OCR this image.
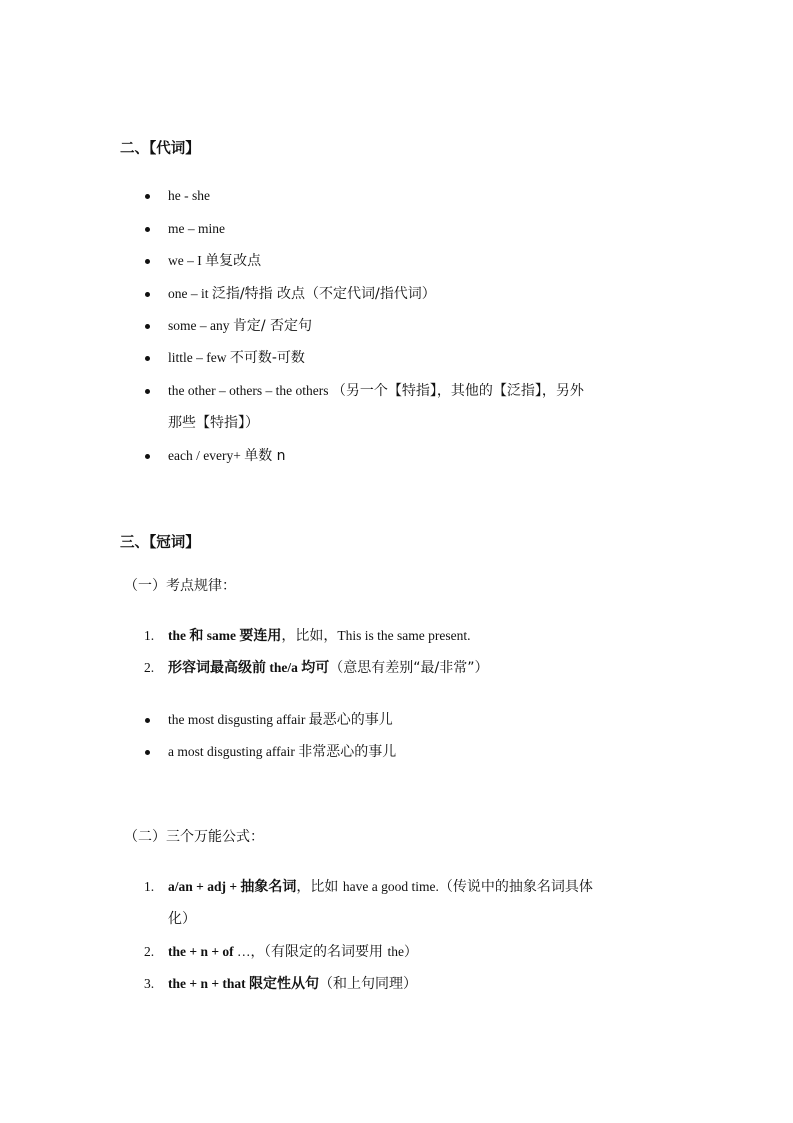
二、【代词】
he - she
me – mine
we – I 单复改点
one – it 泛指/特指 改点（不定代词/指代词）
some – any 肯定/ 否定句
little – few 不可数-可数
the other – others – the others （另一个【特指】，其他的【泛指】，另外
那些【特指】）
each / every+ 单数 n
三、【冠词】
（一）考点规律：
1. the 和 same 要连用，比如，This is the same present.
2. 形容词最高级前 the/a 均可（意思有差别“最/非常”）
the most disgusting affair 最恶心的事儿
a most disgusting affair 非常恶心的事儿
（二）三个万能公式：
1. a/an + adj + 抽象名词，比如 have a good time.（传说中的抽象名词具体
化）
2. the + n + of …，（有限定的名词要用 the）
3. the + n + that 限定性从句（和上句同理）
